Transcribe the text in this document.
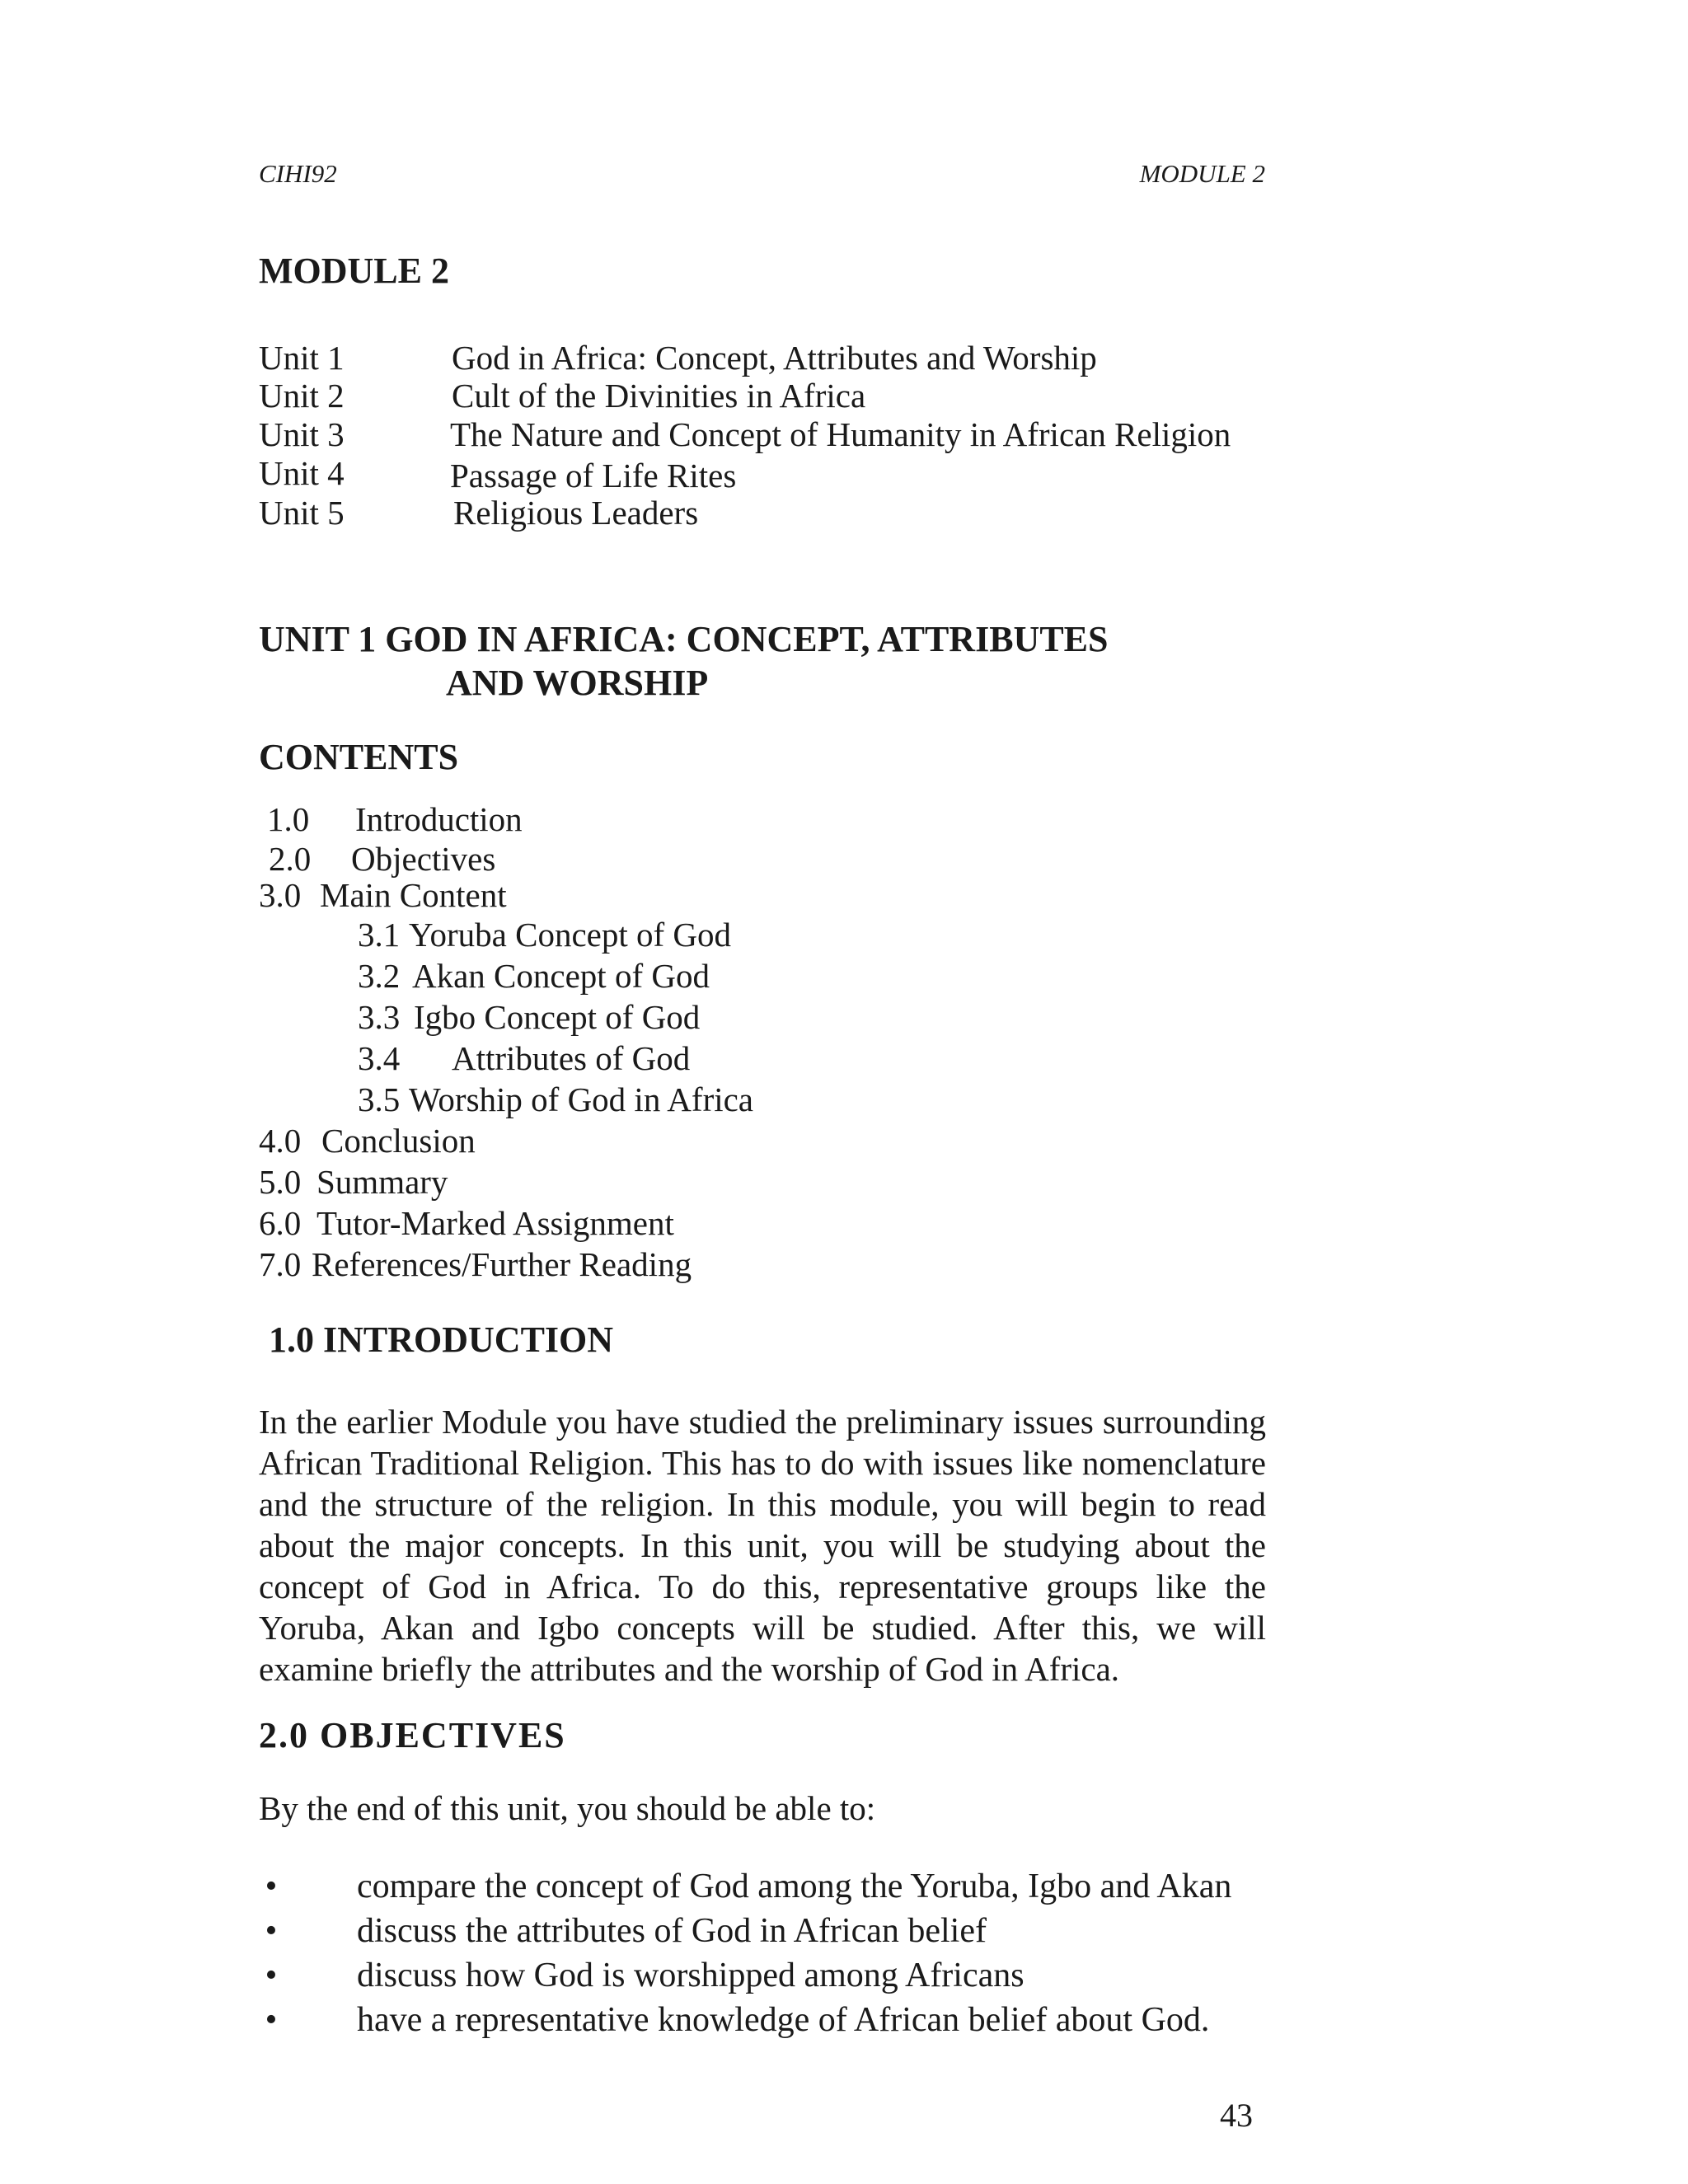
CIHI92	MODULE 2
MODULE 2
Unit 1	God in Africa: Concept, Attributes and Worship
Unit 2	Cult of the Divinities in Africa
Unit 3	The Nature and Concept of Humanity in African Religion
Unit 4	Passage of Life Rites
Unit 5	Religious Leaders
UNIT 1 GOD IN AFRICA: CONCEPT, ATTRIBUTES
AND WORSHIP
CONTENTS
1.0 Introduction
2.0 Objectives
3.0 Main Content
3.1 Yoruba Concept of God
3.2 Akan Concept of God
3.3 Igbo Concept of God
3.4 Attributes of God
3.5 Worship of God in Africa
4.0 Conclusion
5.0 Summary
6.0 Tutor-Marked Assignment
7.0 References/Further Reading
1.0 INTRODUCTION
In the earlier Module you have studied the preliminary issues surrounding African Traditional Religion. This has to do with issues like nomenclature and the structure of the religion. In this module, you will begin to read about the major concepts. In this unit, you will be studying about the concept of God in Africa. To do this, representative groups like the Yoruba, Akan and Igbo concepts will be studied. After this, we will examine briefly the attributes and the worship of God in Africa.
2.0 OBJECTIVES
By the end of this unit, you should be able to:
• compare the concept of God among the Yoruba, Igbo and Akan
• discuss the attributes of God in African belief
• discuss how God is worshipped among Africans
• have a representative knowledge of African belief about God.
43
